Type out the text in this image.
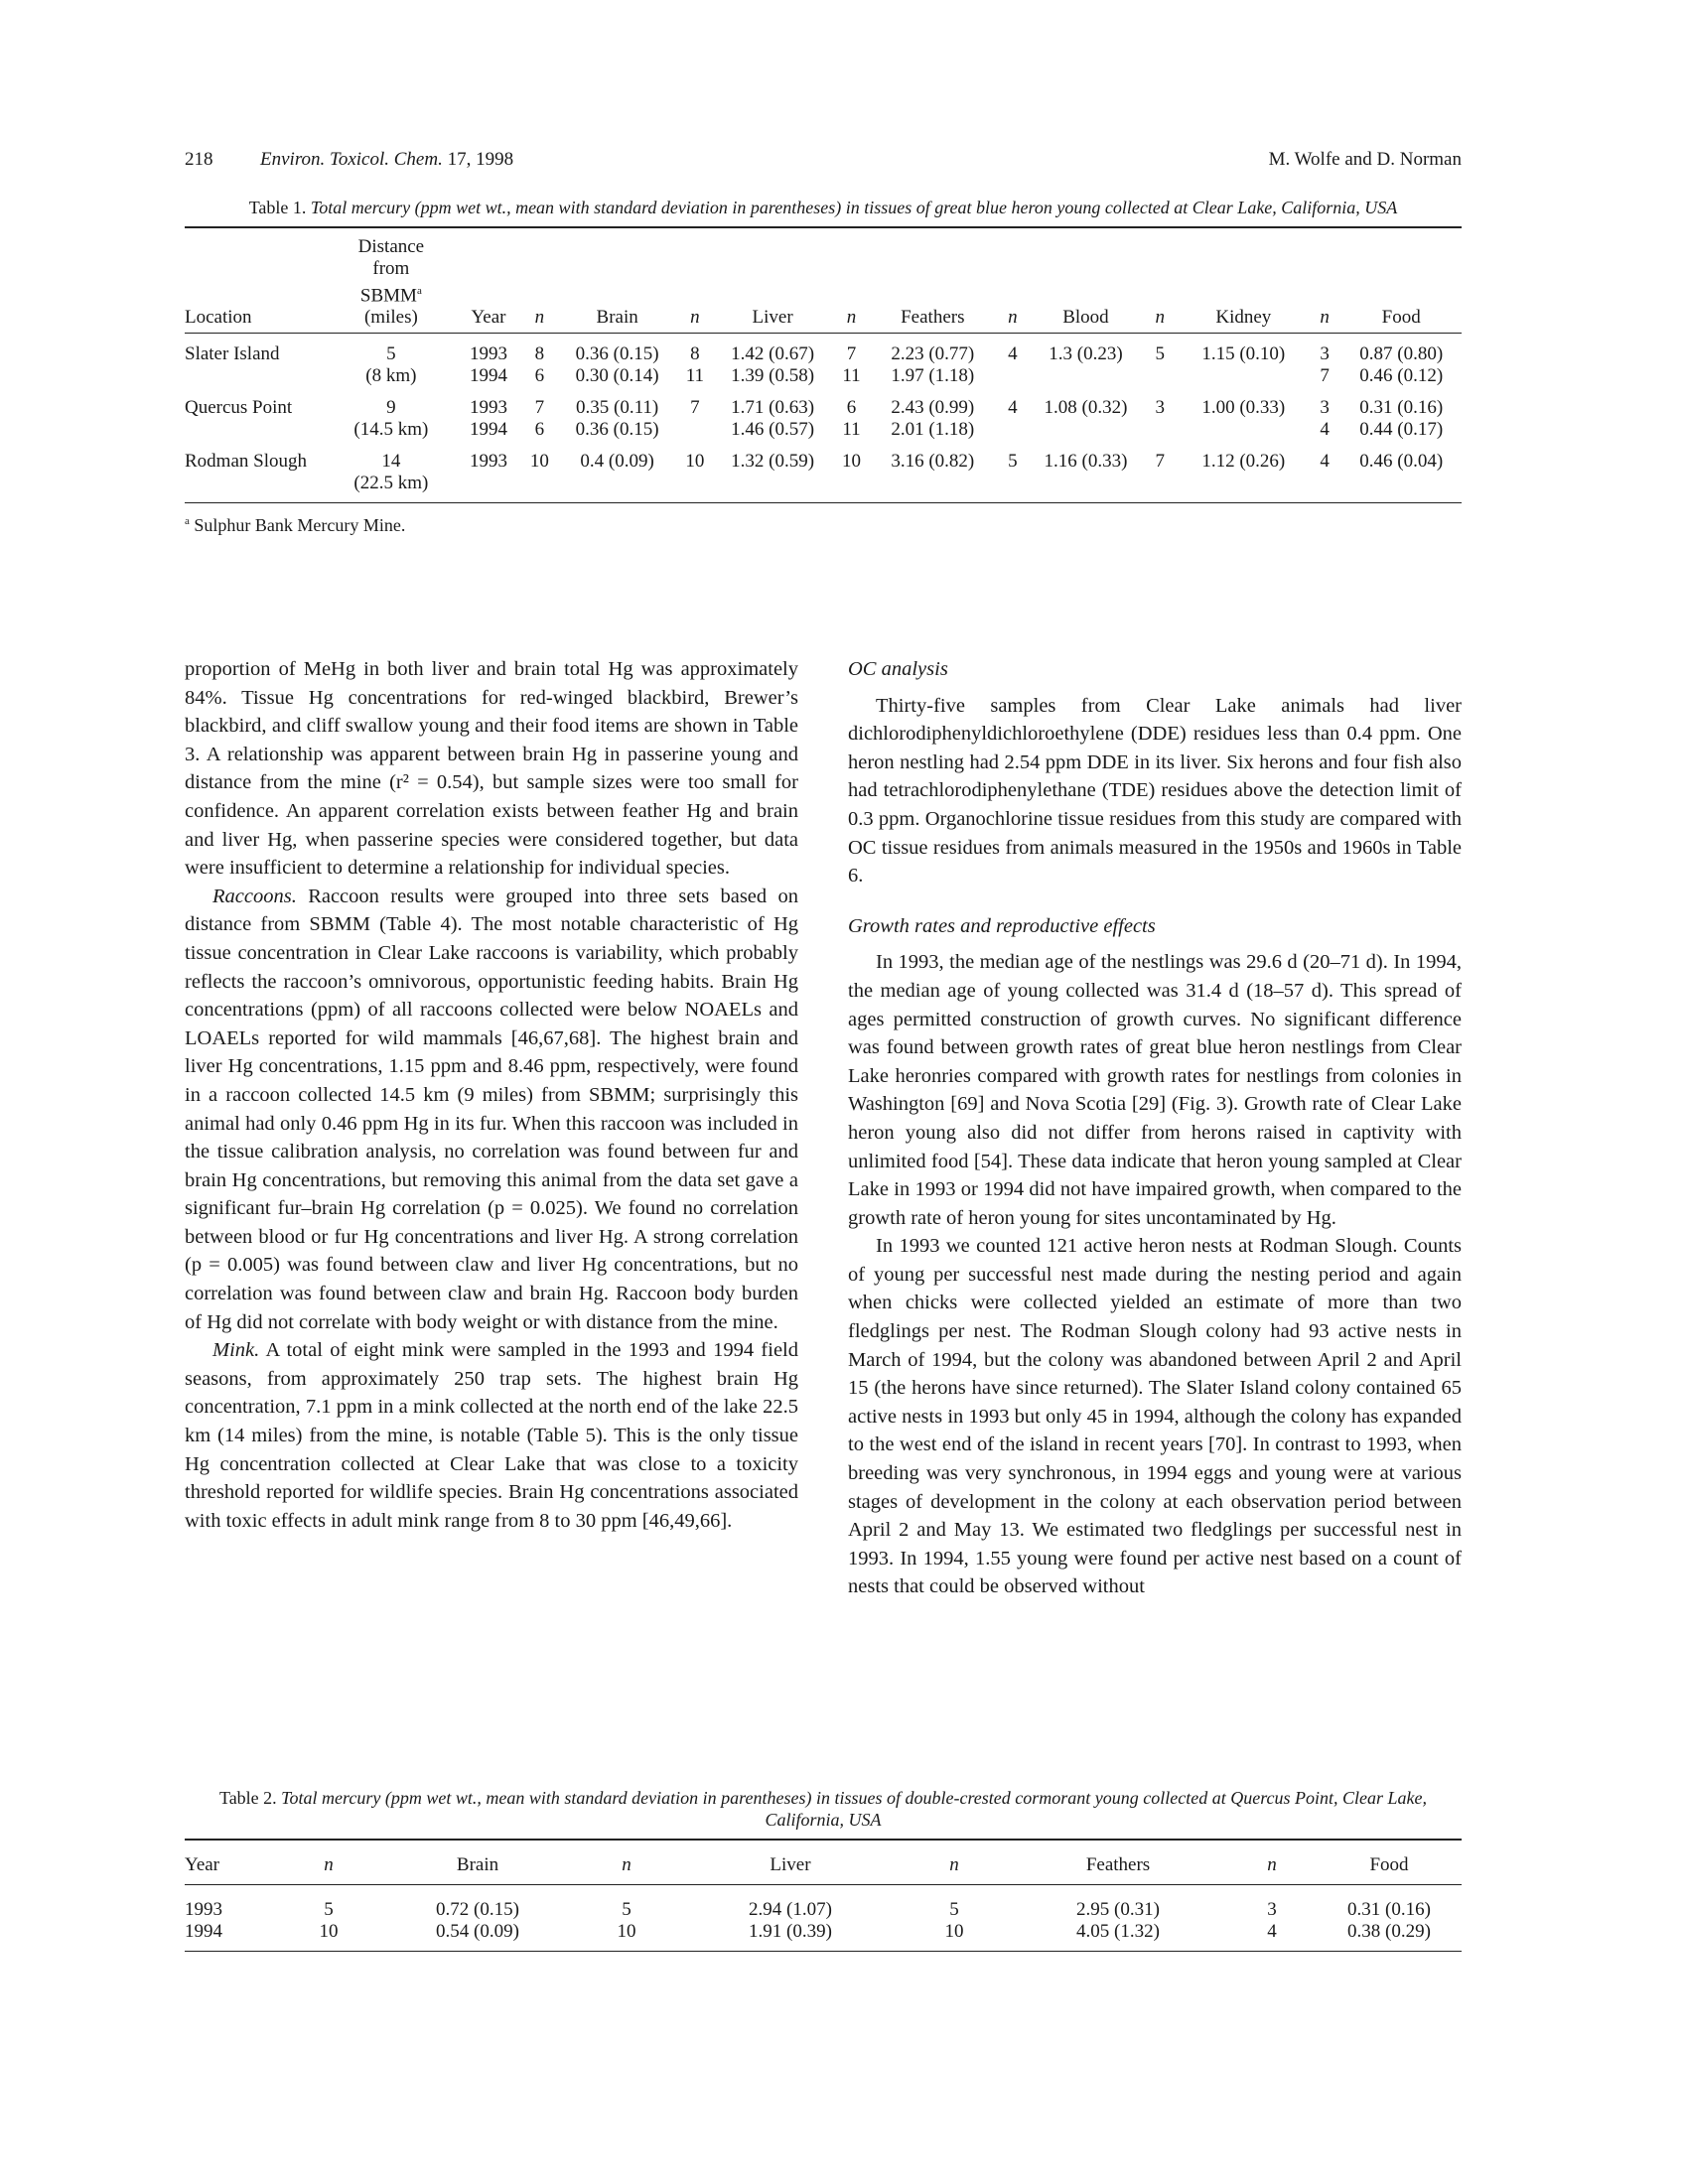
218	Environ. Toxicol. Chem. 17, 1998	M. Wolfe and D. Norman
Table 1. Total mercury (ppm wet wt., mean with standard deviation in parentheses) in tissues of great blue heron young collected at Clear Lake, California, USA
Location	Distance
from
SBMM$^a$
(miles)	Year	n	Brain	n	Liver	n	Feathers	n	Blood	n	Kidney	n	Food

Slater Island	5	1993	8	0.36 (0.15)	8	1.42 (0.67)	7	2.23 (0.77)	4	1.3 (0.23)	5	1.15 (0.10)	3	0.87 (0.80)
	(8 km)	1994	6	0.30 (0.14)	11	1.39 (0.58)	11	1.97 (1.18)					7	0.46 (0.12)
Quercus Point	9	1993	7	0.35 (0.11)	7	1.71 (0.63)	6	2.43 (0.99)	4	1.08 (0.32)	3	1.00 (0.33)	3	0.31 (0.16)
	(14.5 km)	1994	6	0.36 (0.15)		1.46 (0.57)	11	2.01 (1.18)					4	0.44 (0.17)
Rodman Slough	14	1993	10	0.4 (0.09)	10	1.32 (0.59)	10	3.16 (0.82)	5	1.16 (0.33)	7	1.12 (0.26)	4	0.46 (0.04)
	(22.5 km)													
$^a$ Sulphur Bank Mercury Mine.

proportion of MeHg in both liver and brain total Hg was approximately 84%. Tissue Hg concentrations for red-winged blackbird, Brewer’s blackbird, and cliff swallow young and their food items are shown in Table 3. A relationship was apparent between brain Hg in passerine young and distance from the mine (r² = 0.54), but sample sizes were too small for confidence. An apparent correlation exists between feather Hg and brain and liver Hg, when passerine species were considered together, but data were insufficient to determine a relationship for individual species.

Raccoons. Raccoon results were grouped into three sets based on distance from SBMM (Table 4). The most notable characteristic of Hg tissue concentration in Clear Lake raccoons is variability, which probably reflects the raccoon’s omnivorous, opportunistic feeding habits. Brain Hg concentrations (ppm) of all raccoons collected were below NOAELs and LOAELs reported for wild mammals [46,67,68]. The highest brain and liver Hg concentrations, 1.15 ppm and 8.46 ppm, respectively, were found in a raccoon collected 14.5 km (9 miles) from SBMM; surprisingly this animal had only 0.46 ppm Hg in its fur. When this raccoon was included in the tissue calibration analysis, no correlation was found between fur and brain Hg concentrations, but removing this animal from the data set gave a significant fur–brain Hg correlation (p = 0.025). We found no correlation between blood or fur Hg concentrations and liver Hg. A strong correlation (p = 0.005) was found between claw and liver Hg concentrations, but no correlation was found between claw and brain Hg. Raccoon body burden of Hg did not correlate with body weight or with distance from the mine.

Mink. A total of eight mink were sampled in the 1993 and 1994 field seasons, from approximately 250 trap sets. The highest brain Hg concentration, 7.1 ppm in a mink collected at the north end of the lake 22.5 km (14 miles) from the mine, is notable (Table 5). This is the only tissue Hg concentration collected at Clear Lake that was close to a toxicity threshold reported for wildlife species. Brain Hg concentrations associated with toxic effects in adult mink range from 8 to 30 ppm [46,49,66].

OC analysis

Thirty-five samples from Clear Lake animals had liver dichlorodiphenyldichloroethylene (DDE) residues less than 0.4 ppm. One heron nestling had 2.54 ppm DDE in its liver. Six herons and four fish also had tetrachlorodiphenylethane (TDE) residues above the detection limit of 0.3 ppm. Organochlorine tissue residues from this study are compared with OC tissue residues from animals measured in the 1950s and 1960s in Table 6.

Growth rates and reproductive effects

In 1993, the median age of the nestlings was 29.6 d (20–71 d). In 1994, the median age of young collected was 31.4 d (18–57 d). This spread of ages permitted construction of growth curves. No significant difference was found between growth rates of great blue heron nestlings from Clear Lake heronries compared with growth rates for nestlings from colonies in Washington [69] and Nova Scotia [29] (Fig. 3). Growth rate of Clear Lake heron young also did not differ from herons raised in captivity with unlimited food [54]. These data indicate that heron young sampled at Clear Lake in 1993 or 1994 did not have impaired growth, when compared to the growth rate of heron young for sites uncontaminated by Hg.

In 1993 we counted 121 active heron nests at Rodman Slough. Counts of young per successful nest made during the nesting period and again when chicks were collected yielded an estimate of more than two fledglings per nest. The Rodman Slough colony had 93 active nests in March of 1994, but the colony was abandoned between April 2 and April 15 (the herons have since returned). The Slater Island colony contained 65 active nests in 1993 but only 45 in 1994, although the colony has expanded to the west end of the island in recent years [70]. In contrast to 1993, when breeding was very synchronous, in 1994 eggs and young were at various stages of development in the colony at each observation period between April 2 and May 13. We estimated two fledglings per successful nest in 1993. In 1994, 1.55 young were found per active nest based on a count of nests that could be observed without

Table 2. Total mercury (ppm wet wt., mean with standard deviation in parentheses) in tissues of double-crested cormorant young collected at Quercus Point, Clear Lake, California, USA
Year	n	Brain	n	Liver	n	Feathers	n	Food

1993	5	0.72 (0.15)	5	2.94 (1.07)	5	2.95 (0.31)	3	0.31 (0.16)
1994	10	0.54 (0.09)	10	1.91 (0.39)	10	4.05 (1.32)	4	0.38 (0.29)
